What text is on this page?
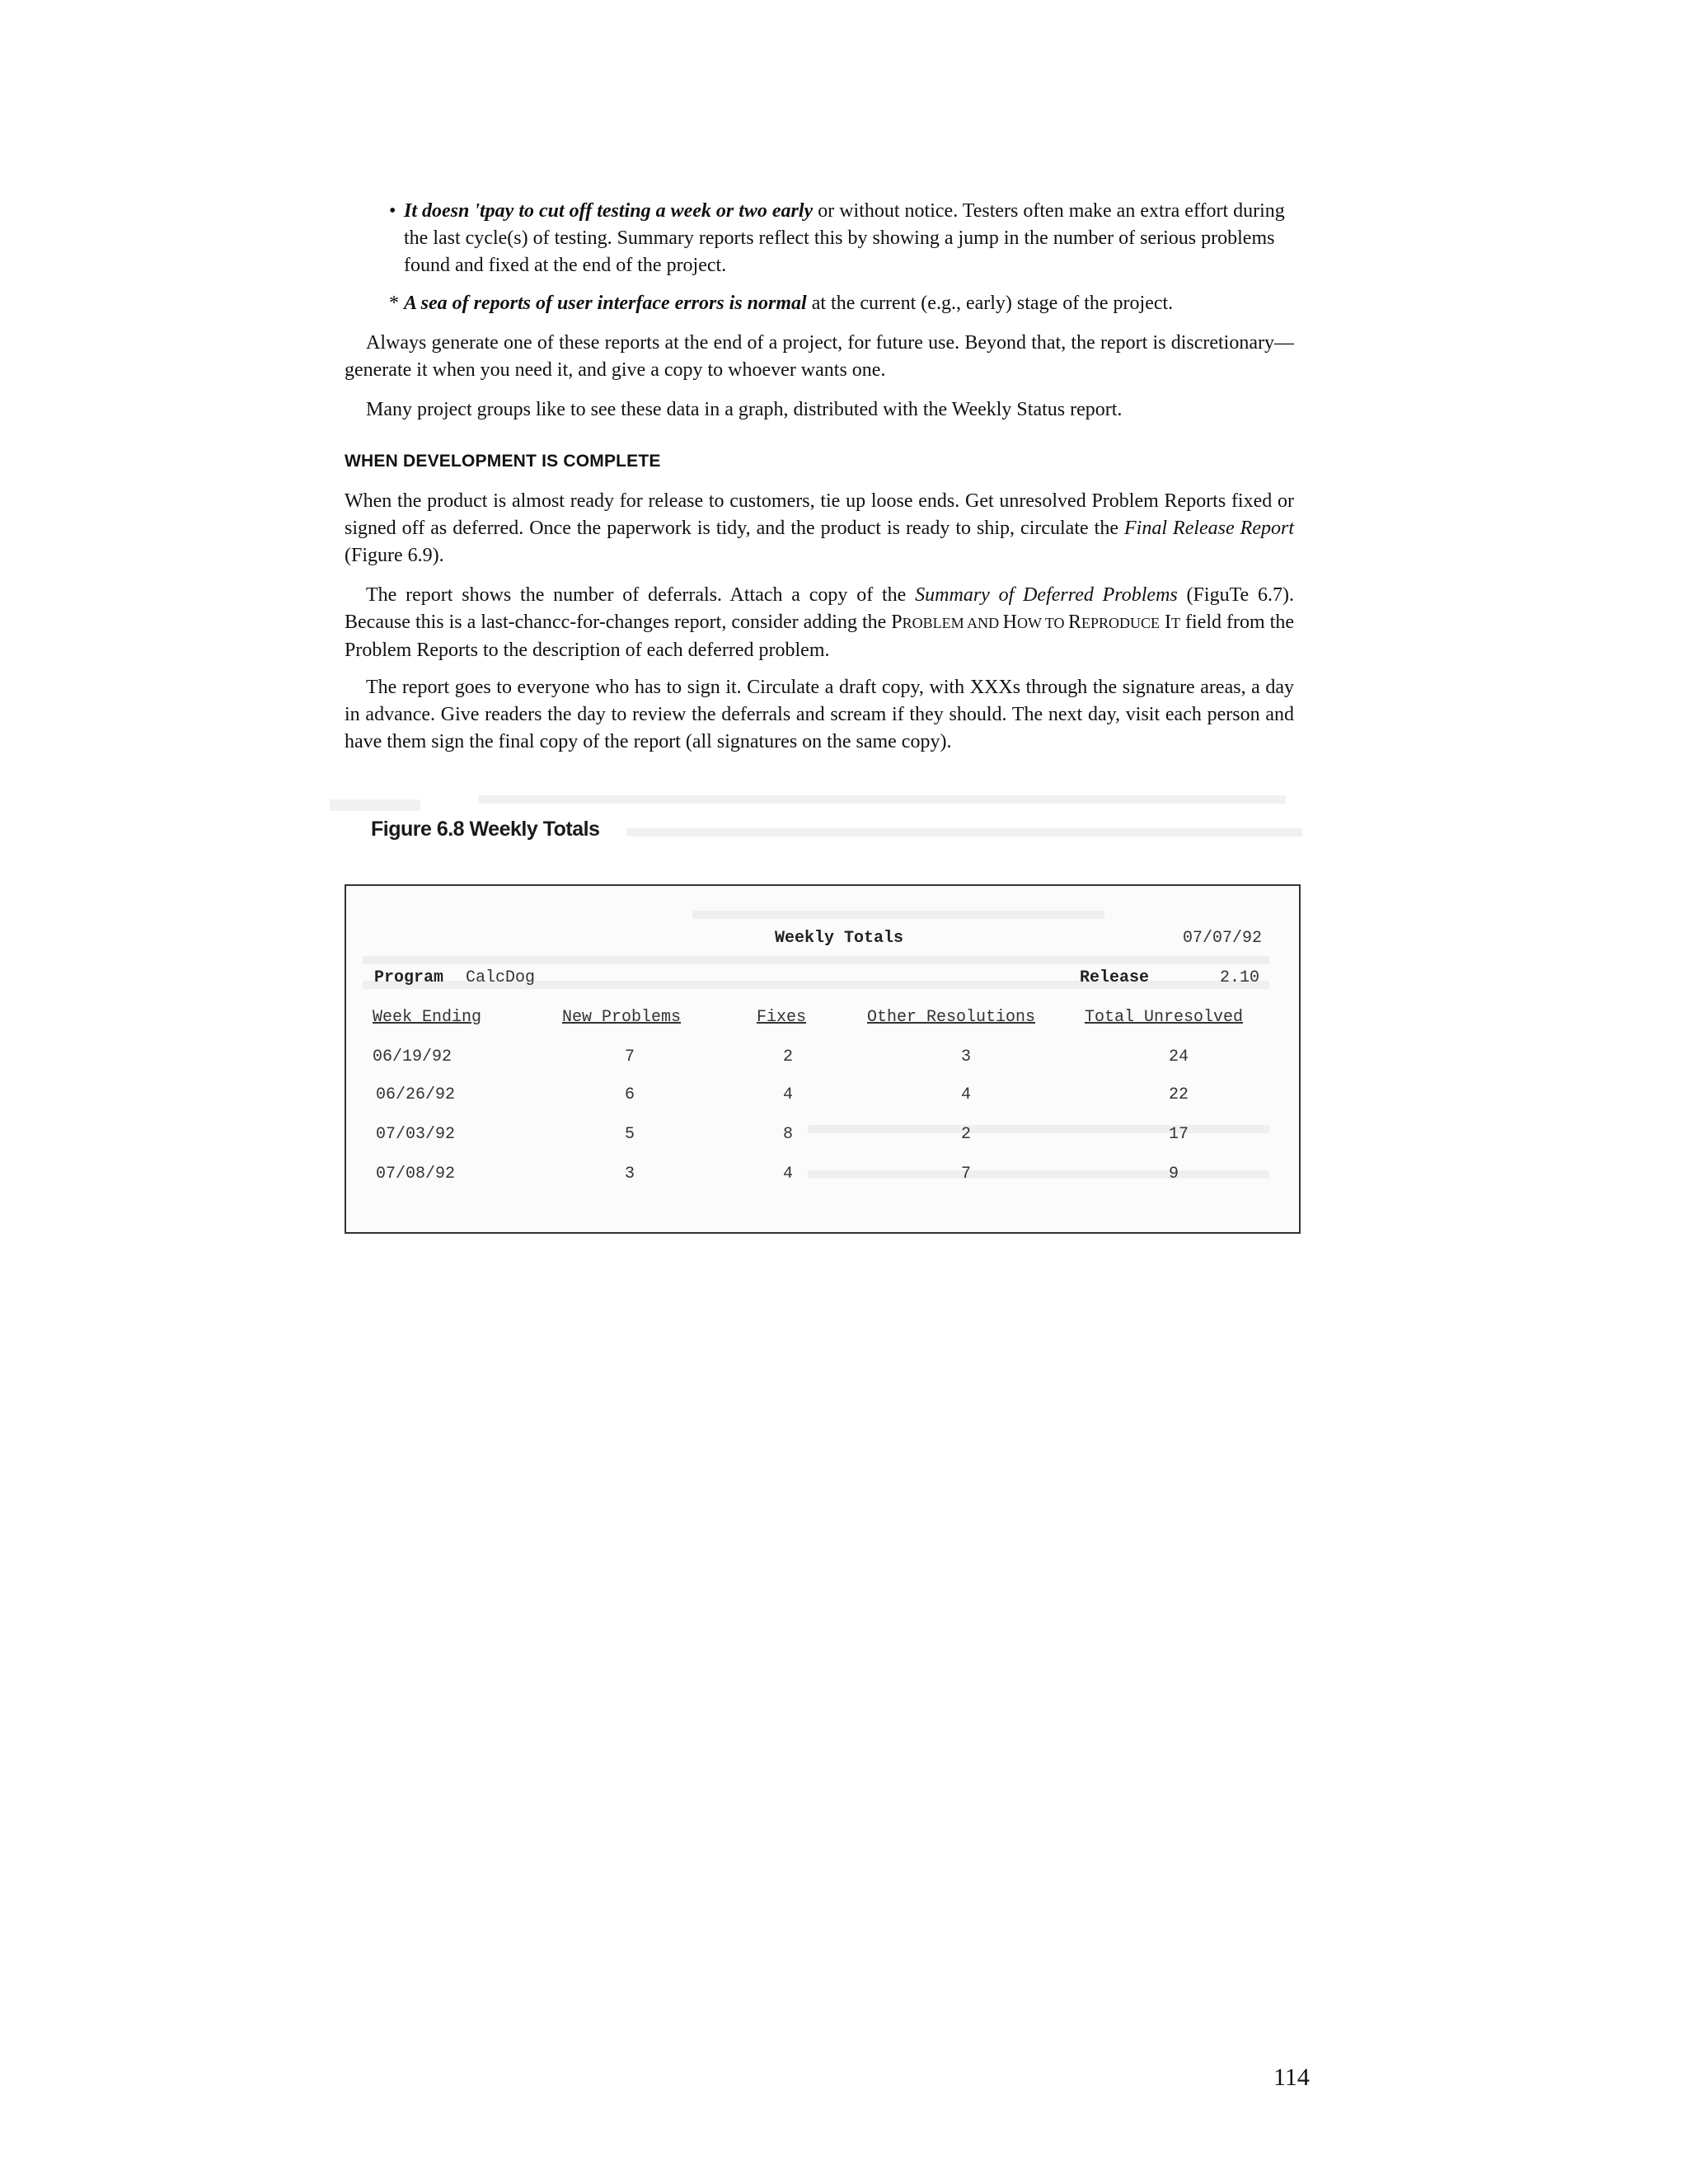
• It doesn 'tpay to cut off testing a week or two early or without notice. Testers often make an extra effort during the last cycle(s) of testing. Summary reports reflect this by showing a jump in the number of serious problems found and fixed at the end of the project.
* A sea of reports of user interface errors is normal at the current (e.g., early) stage of the project.

Always generate one of these reports at the end of a project, for future use. Beyond that, the report is discretionary—generate it when you need it, and give a copy to whoever wants one.

Many project groups like to see these data in a graph, distributed with the Weekly Status report.

WHEN DEVELOPMENT IS COMPLETE

When the product is almost ready for release to customers, tie up loose ends. Get unresolved Problem Reports fixed or signed off as deferred. Once the paperwork is tidy, and the product is ready to ship, circulate the Final Release Report (Figure 6.9).

The report shows the number of deferrals. Attach a copy of the Summary of Deferred Problems (FiguTe 6.7). Because this is a last-chancc-for-changes report, consider adding the PROBLEM AND HOW TO REPRODUCE IT field from the Problem Reports to the description of each deferred problem.

The report goes to everyone who has to sign it. Circulate a draft copy, with XXXs through the signature areas, a day in advance. Give readers the day to review the deferrals and scream if they should. The next day, visit each person and have them sign the final copy of the report (all signatures on the same copy).

Figure 6.8 Weekly Totals
Weekly Totals	07/07/92
Program CalcDog	Release	2.10
Week Ending	New Problems	Fixes	Other Resolutions	Total Unresolved
06/19/92	7	2	3	24
06/26/92	6	4	4	22
07/03/92	5	8	2	17
07/08/92	3	4	7	9
114
